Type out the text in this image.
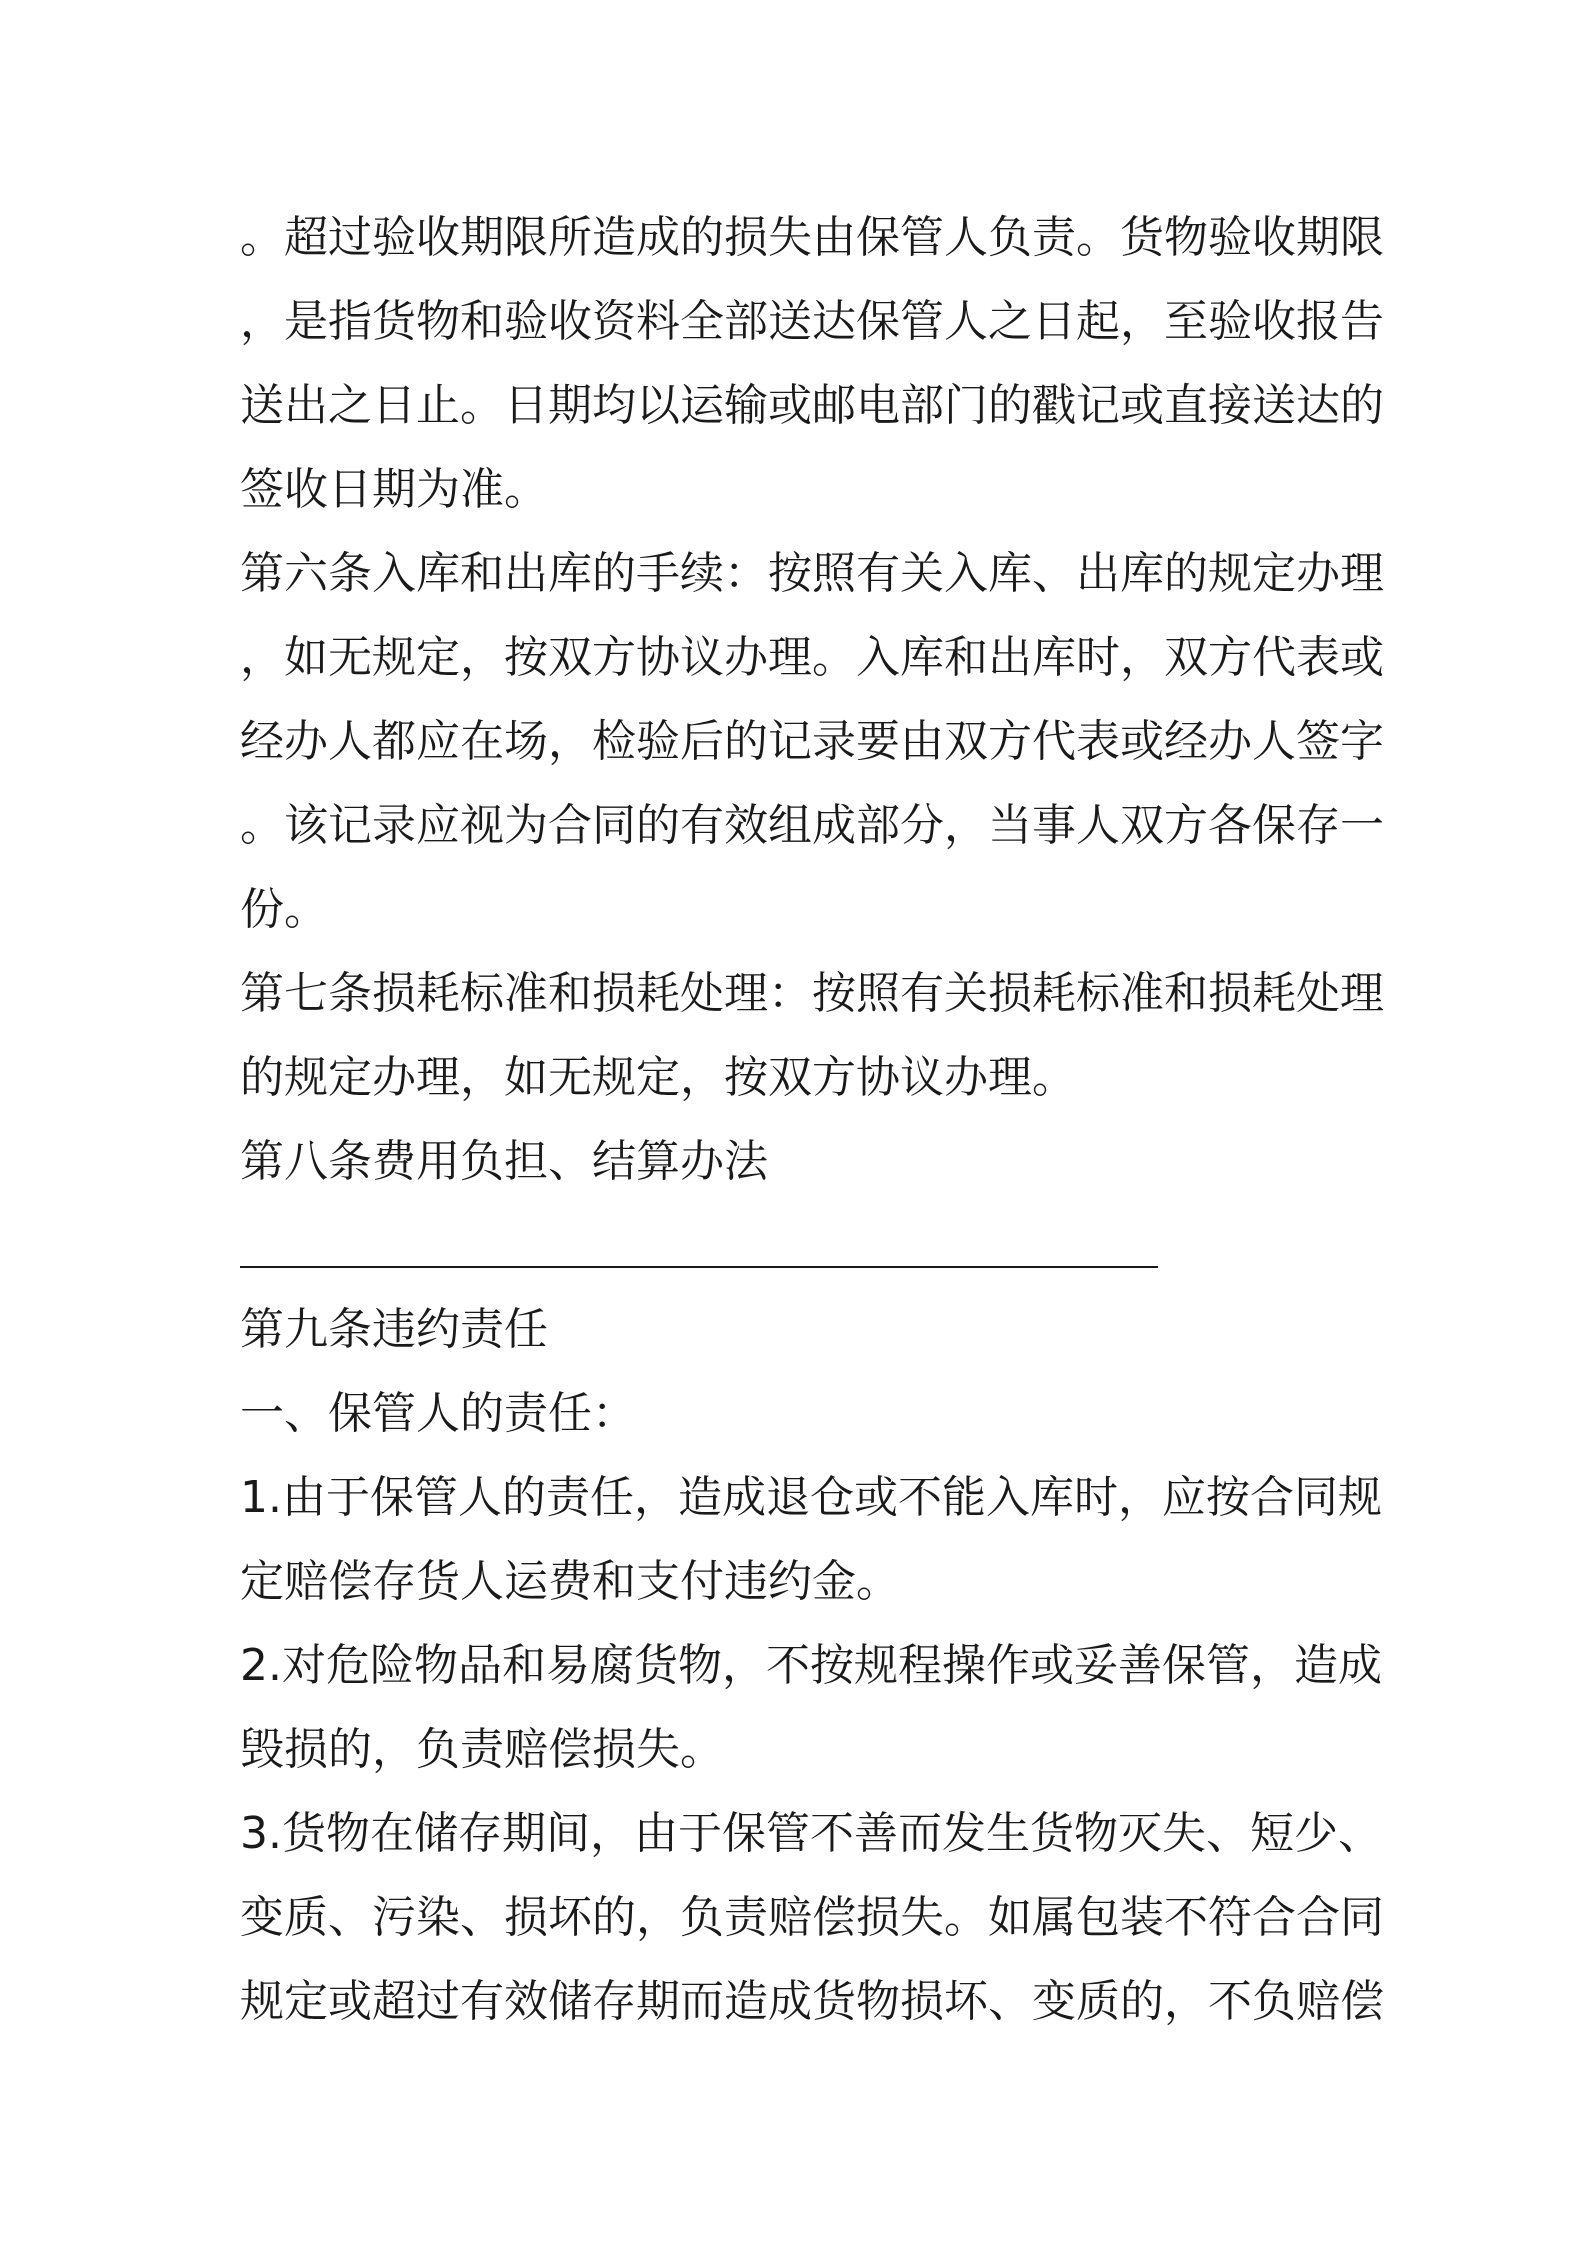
。超过验收期限所造成的损失由保管人负责。货物验收期限
，是指货物和验收资料全部送达保管人之日起，至验收报告
送出之日止。日期均以运输或邮电部门的戳记或直接送达的
签收日期为准。
第六条入库和出库的手续：按照有关入库、出库的规定办理
，如无规定，按双方协议办理。入库和出库时，双方代表或
经办人都应在场，检验后的记录要由双方代表或经办人签字
。该记录应视为合同的有效组成部分，当事人双方各保存一
份。
第七条损耗标准和损耗处理：按照有关损耗标准和损耗处理
的规定办理，如无规定，按双方协议办理。
第八条费用负担、结算办法
第九条违约责任
一、保管人的责任：
1.由于保管人的责任，造成退仓或不能入库时，应按合同规
定赔偿存货人运费和支付违约金。
2.对危险物品和易腐货物，不按规程操作或妥善保管，造成
毁损的，负责赔偿损失。
3.货物在储存期间，由于保管不善而发生货物灭失、短少、
变质、污染、损坏的，负责赔偿损失。如属包装不符合合同
规定或超过有效储存期而造成货物损坏、变质的，不负赔偿
